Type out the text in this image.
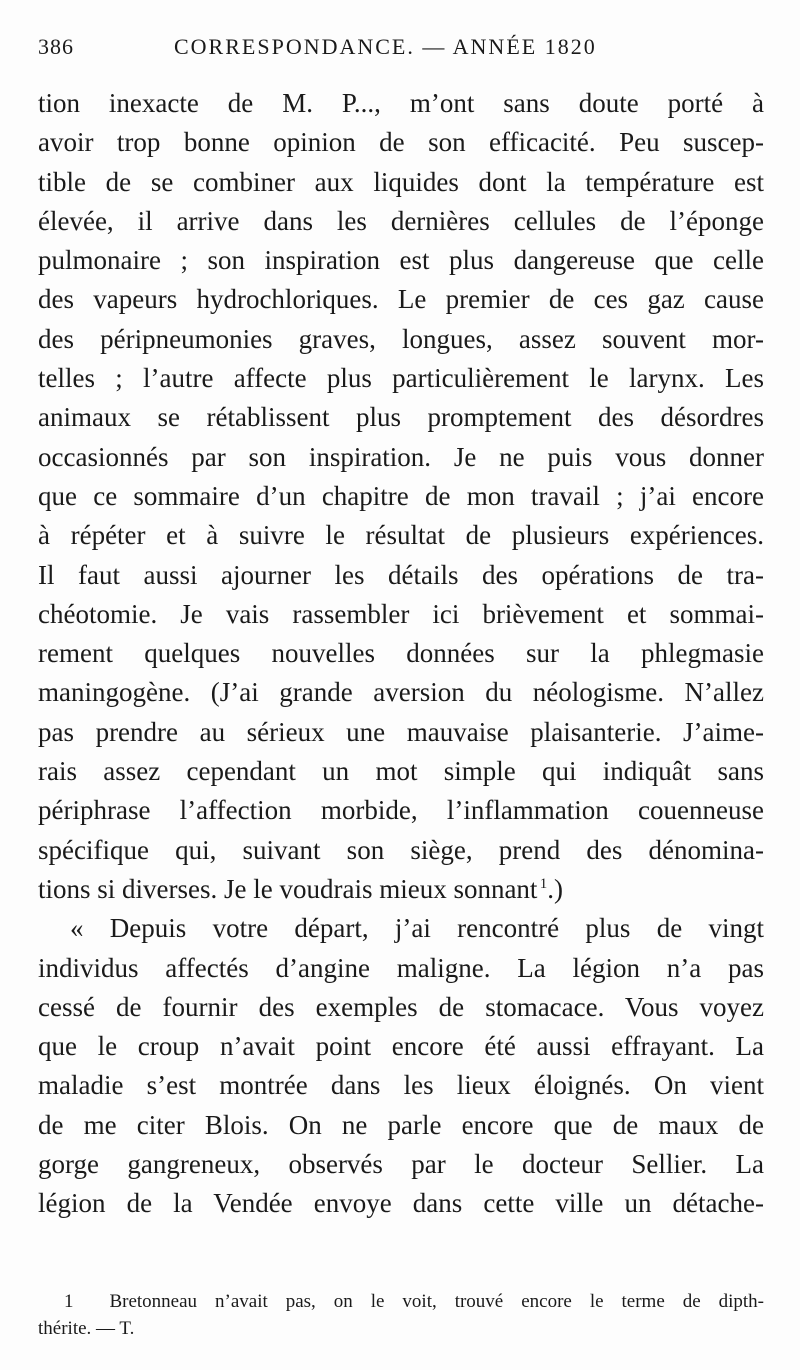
386	CORRESPONDANCE. — ANNÉE 1820
tion inexacte de M. P..., m’ont sans doute porté à
avoir trop bonne opinion de son efficacité. Peu suscep-
tible de se combiner aux liquides dont la température est
élevée, il arrive dans les dernières cellules de l’éponge
pulmonaire ; son inspiration est plus dangereuse que celle
des vapeurs hydrochloriques. Le premier de ces gaz cause
des péripneumonies graves, longues, assez souvent mor-
telles ; l’autre affecte plus particulièrement le larynx. Les
animaux se rétablissent plus promptement des désordres
occasionnés par son inspiration. Je ne puis vous donner
que ce sommaire d’un chapitre de mon travail ; j’ai encore
à répéter et à suivre le résultat de plusieurs expériences.
Il faut aussi ajourner les détails des opérations de tra-
chéotomie. Je vais rassembler ici brièvement et sommai-
rement quelques nouvelles données sur la phlegmasie
maningogène. (J’ai grande aversion du néologisme. N’allez
pas prendre au sérieux une mauvaise plaisanterie. J’aime-
rais assez cependant un mot simple qui indiquât sans
périphrase l’affection morbide, l’inflammation couenneuse
spécifique qui, suivant son siège, prend des dénomina-
tions si diverses. Je le voudrais mieux sonnant  $^1$.)
« Depuis votre départ, j’ai rencontré plus de vingt
individus affectés d’angine maligne. La légion n’a pas
cessé de fournir des exemples de stomacace. Vous voyez
que le croup n’avait point encore été aussi effrayant. La
maladie s’est montrée dans les lieux éloignés. On vient
de me citer Blois. On ne parle encore que de maux de
gorge gangreneux, observés par le docteur Sellier. La
légion de la Vendée envoye dans cette ville un détache-
1 Bretonneau n’avait pas, on le voit, trouvé encore le terme de dipth-
thérite. — T.
